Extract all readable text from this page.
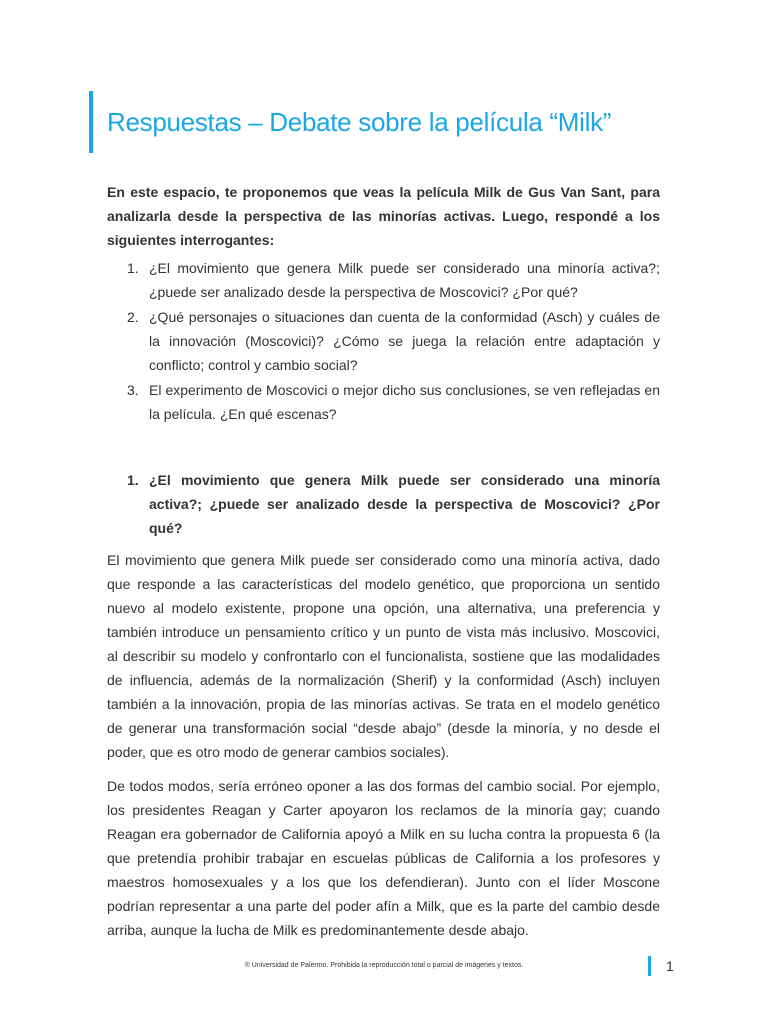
Respuestas – Debate sobre la película “Milk”

En este espacio, te proponemos que veas la película Milk de Gus Van Sant, para analizarla desde la perspectiva de las minorías activas. Luego, respondé a los siguientes interrogantes:

1. ¿El movimiento que genera Milk puede ser considerado una minoría activa?; ¿puede ser analizado desde la perspectiva de Moscovici? ¿Por qué?
2. ¿Qué personajes o situaciones dan cuenta de la conformidad (Asch) y cuáles de la innovación (Moscovici)? ¿Cómo se juega la relación entre adaptación y conflicto; control y cambio social?
3. El experimento de Moscovici o mejor dicho sus conclusiones, se ven reflejadas en la película. ¿En qué escenas?
1. ¿El movimiento que genera Milk puede ser considerado una minoría activa?; ¿puede ser analizado desde la perspectiva de Moscovici? ¿Por qué?

El movimiento que genera Milk puede ser considerado como una minoría activa, dado que responde a las características del modelo genético, que proporciona un sentido nuevo al modelo existente, propone una opción, una alternativa, una preferencia y también introduce un pensamiento crítico y un punto de vista más inclusivo. Moscovici, al describir su modelo y confrontarlo con el funcionalista, sostiene que las modalidades de influencia, además de la normalización (Sherif) y la conformidad (Asch) incluyen también a la innovación, propia de las minorías activas. Se trata en el modelo genético de generar una transformación social “desde abajo” (desde la minoría, y no desde el poder, que es otro modo de generar cambios sociales).

De todos modos, sería erróneo oponer a las dos formas del cambio social. Por ejemplo, los presidentes Reagan y Carter apoyaron los reclamos de la minoría gay; cuando Reagan era gobernador de California apoyó a Milk en su lucha contra la propuesta 6 (la que pretendía prohibir trabajar en escuelas públicas de California a los profesores y maestros homosexuales y a los que los defendieran). Junto con el líder Moscone podrían representar a una parte del poder afín a Milk, que es la parte del cambio desde arriba, aunque la lucha de Milk es predominantemente desde abajo.

® Universidad de Palermo. Prohibida la reproducción total o parcial de imágenes y textos.	1
